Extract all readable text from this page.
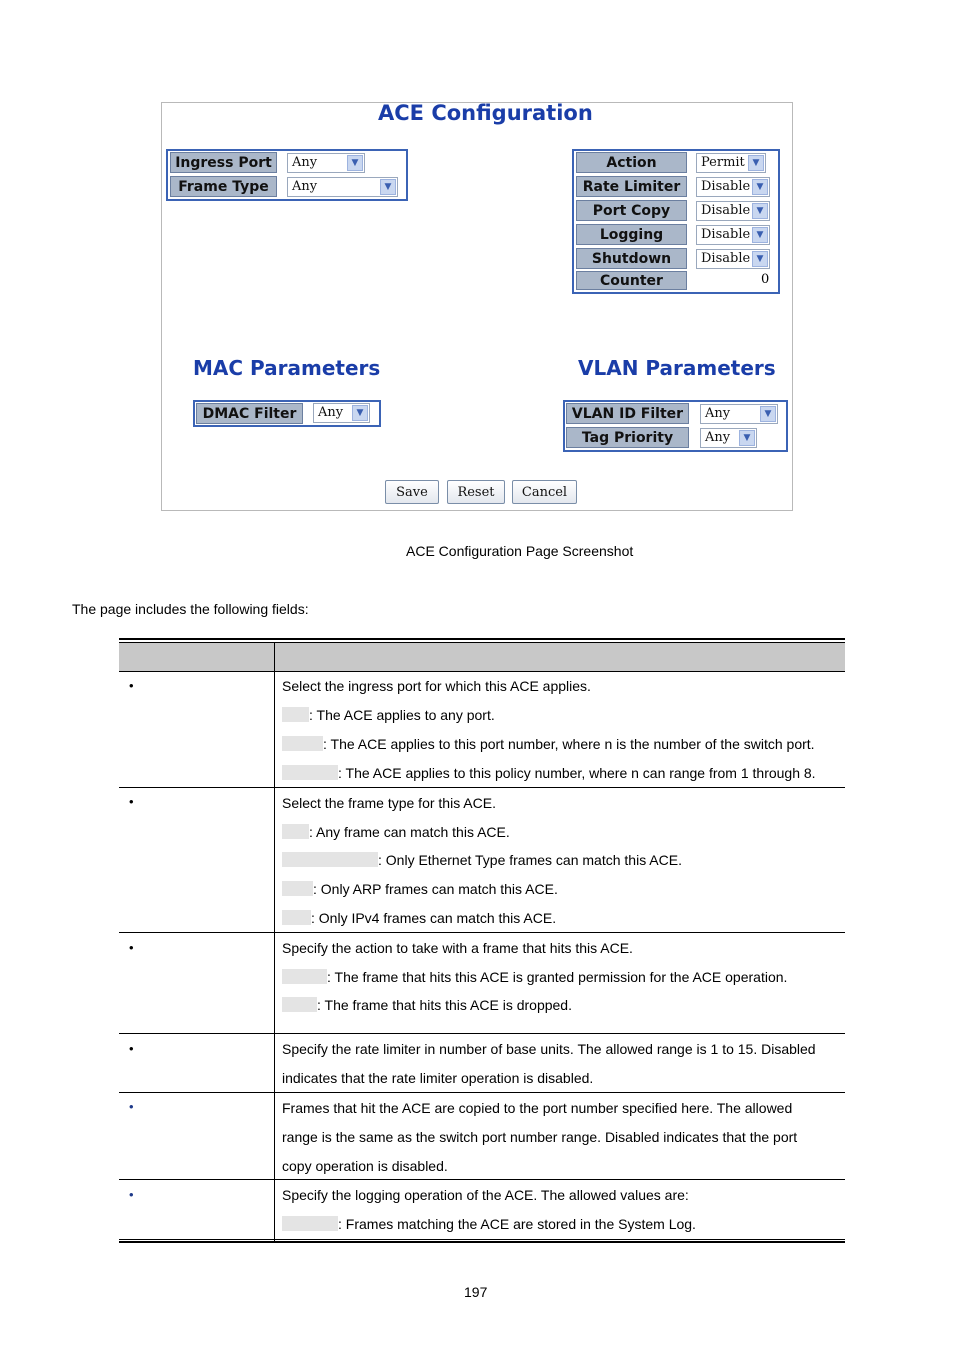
ACE Configuration
Ingress Port	Any	▼
Frame Type	Any	▼
Action	Permit ▼
Rate Limiter	Disable ▼
Port Copy	Disable ▼
Logging	Disable ▼
Shutdown	Disable ▼
Counter	0
MAC Parameters	VLAN Parameters
DMAC Filter	Any	▼	VLAN ID Filter	Any	▼
Tag Priority	Any	▼
Save	Reset	Cancel
ACE Configuration Page Screenshot
The page includes the following fields:
•	Select the ingress port for which this ACE applies.
: The ACE applies to any port.
: The ACE applies to this port number, where n is the number of the switch port.
: The ACE applies to this policy number, where n can range from 1 through 8.
•	Select the frame type for this ACE.
: Any frame can match this ACE.
: Only Ethernet Type frames can match this ACE.
: Only ARP frames can match this ACE.
: Only IPv4 frames can match this ACE.
•	Specify the action to take with a frame that hits this ACE.
: The frame that hits this ACE is granted permission for the ACE operation.
: The frame that hits this ACE is dropped.
•	Specify the rate limiter in number of base units. The allowed range is 1 to 15. Disabled
indicates that the rate limiter operation is disabled.
•	Frames that hit the ACE are copied to the port number specified here. The allowed
range is the same as the switch port number range. Disabled indicates that the port
copy operation is disabled.
•	Specify the logging operation of the ACE. The allowed values are:
: Frames matching the ACE are stored in the System Log.
197
